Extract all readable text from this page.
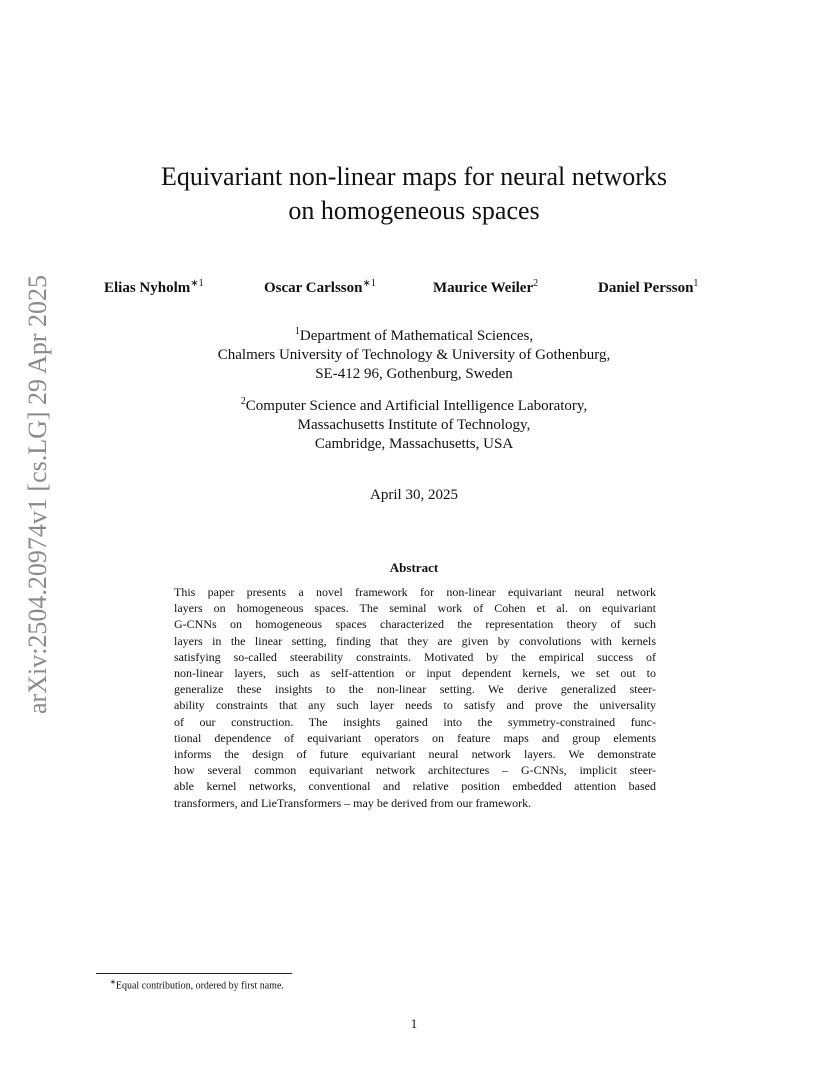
arXiv:2504.20974v1 [cs.LG] 29 Apr 2025
Equivariant non-linear maps for neural networks
on homogeneous spaces
Elias Nyholm$^{∗1}$	Oscar Carlsson$^{∗1}$	Maurice Weiler$^2$	Daniel Persson$^1$
$^1$Department of Mathematical Sciences,
Chalmers University of Technology & University of Gothenburg,
SE-412 96, Gothenburg, Sweden
$^2$Computer Science and Artificial Intelligence Laboratory,
Massachusetts Institute of Technology,
Cambridge, Massachusetts, USA
April 30, 2025
Abstract
This paper presents a novel framework for non-linear equivariant neural network
layers on homogeneous spaces. The seminal work of Cohen et al. on equivariant
G-CNNs on homogeneous spaces characterized the representation theory of such
layers in the linear setting, finding that they are given by convolutions with kernels
satisfying so-called steerability constraints. Motivated by the empirical success of
non-linear layers, such as self-attention or input dependent kernels, we set out to
generalize these insights to the non-linear setting. We derive generalized steer-
ability constraints that any such layer needs to satisfy and prove the universality
of our construction. The insights gained into the symmetry-constrained func-
tional dependence of equivariant operators on feature maps and group elements
informs the design of future equivariant neural network layers. We demonstrate
how several common equivariant network architectures – G-CNNs, implicit steer-
able kernel networks, conventional and relative position embedded attention based
transformers, and LieTransformers – may be derived from our framework.
∗Equal contribution, ordered by first name.
1
